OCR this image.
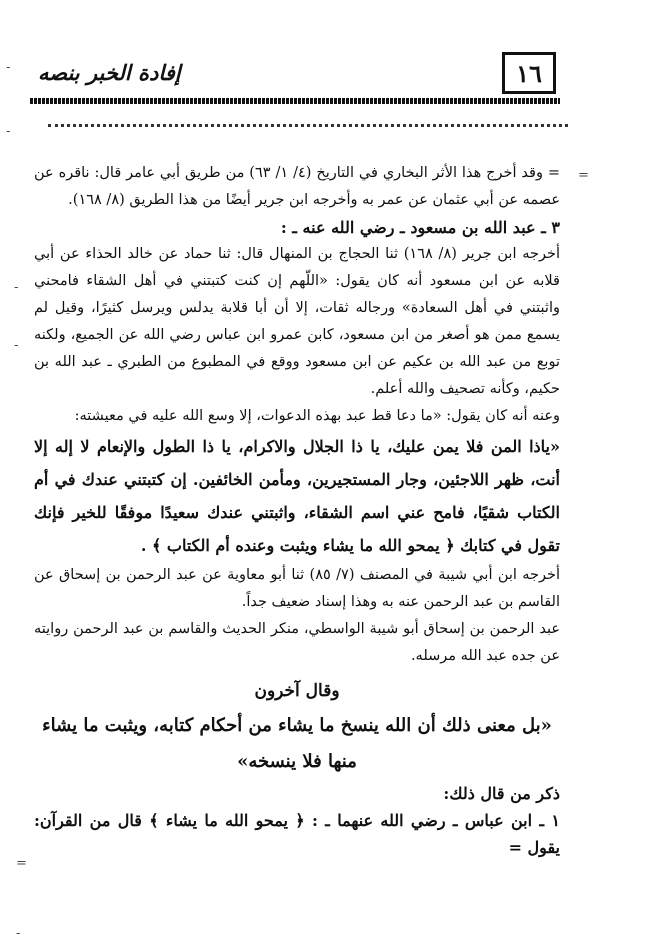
١٦
إفادة الخبر بنصه
-
-
=
-
-
=
-

= وقد أخرج هذا الأثر البخاري في التاريخ (٤/ ١/ ٦٣) من طريق أبي عامر قال: ناقره عن عصمه عن أبي عثمان عن عمر به وأخرجه ابن جرير أيضًا من هذا الطريق (٨/ ١٦٨).

٣ ـ عبد الله بن مسعود ـ رضي الله عنه ـ :

أخرجه ابن جرير (٨/ ١٦٨) ثنا الحجاج بن المنهال قال: ثنا حماد عن خالد الحذاء عن أبي قلابه عن ابن مسعود أنه كان يقول: «اللّهم إن كنت كتبتني في أهل الشقاء فامحني واثبتني في أهل السعادة» ورجاله ثقات، إلا أن أبا قلابة يدلس ويرسل كثيرًا، وقيل لم يسمع ممن هو أصغر من ابن مسعود، كابن عمرو ابن عباس رضي الله عن الجميع، ولكنه توبع من عبد الله بن عكيم عن ابن مسعود ووقع في المطبوع من الطبري ـ عبد الله بن حكيم، وكأنه تصحيف والله أعلم.

وعنه أنه كان يقول: «ما دعا قط عبد بهذه الدعوات، إلا وسع الله عليه في معيشته:

«ياذا المن فلا يمن عليك، يا ذا الجلال والاكرام، يا ذا الطول والإنعام لا إله إلا أنت، ظهر اللاجئين، وجار المستجيرين، ومأمن الخائفين. إن كتبتني عندك في أم الكتاب شقيًا، فامح عني اسم الشقاء، واثبتني عندك سعيدًا موفقًا للخير فإنك تقول في كتابك ﴿ يمحو الله ما يشاء ويثبت وعنده أم الكتاب ﴾ .

أخرجه ابن أبي شيبة في المصنف (٧/ ٨٥) ثنا أبو معاوية عن عبد الرحمن بن إسحاق عن القاسم بن عبد الرحمن عنه به وهذا إسناد ضعيف جداً.

عبد الرحمن بن إسحاق أبو شيبة الواسطي، منكر الحديث والقاسم بن عبد الرحمن روايته عن جده عبد الله مرسله.

وقال آخرون

«بل معنى ذلك أن الله ينسخ ما يشاء من أحكام كتابه، ويثبت ما يشاء منها فلا ينسخه»

ذكر من قال ذلك:

١ ـ ابن عباس ـ رضي الله عنهما ـ : ﴿ يمحو الله ما يشاء ﴾ قال من القرآن: يقول =
